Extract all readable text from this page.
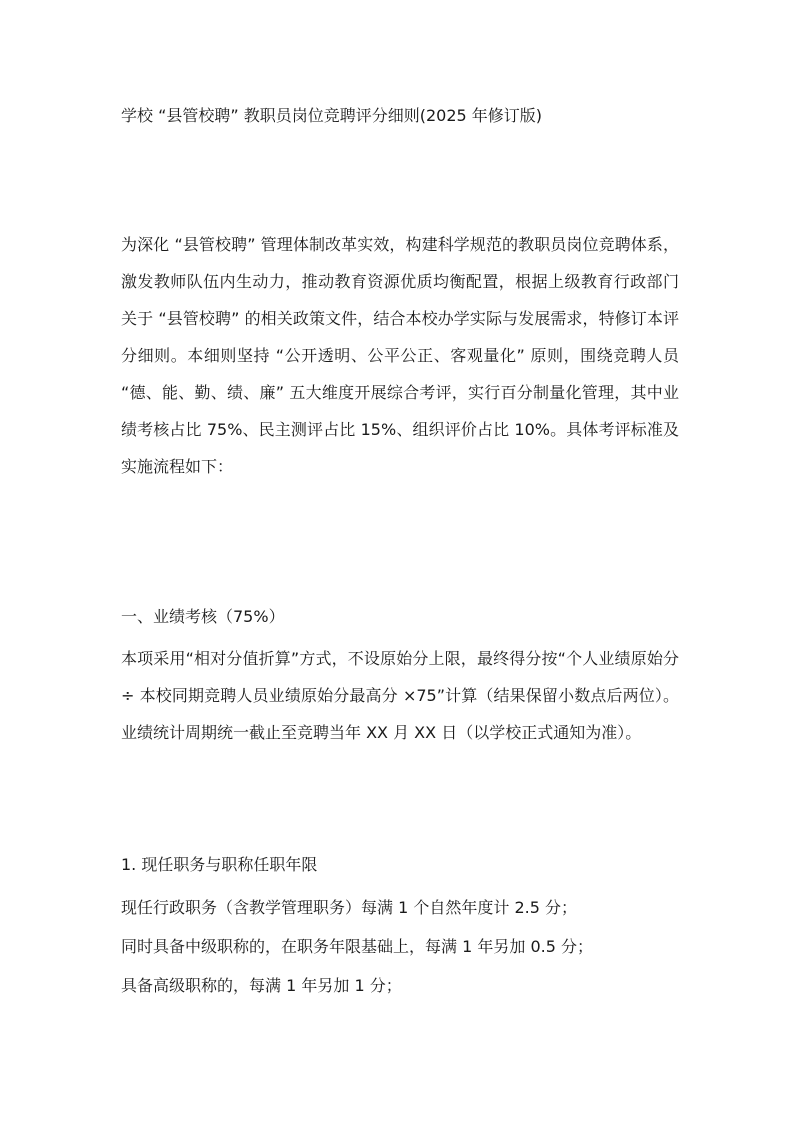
学校 “县管校聘” 教职员岗位竞聘评分细则(2025 年修订版)

为深化 “县管校聘” 管理体制改革实效，构建科学规范的教职员岗位竞聘体系，激发教师队伍内生动力，推动教育资源优质均衡配置，根据上级教育行政部门关于 “县管校聘” 的相关政策文件，结合本校办学实际与发展需求，特修订本评分细则。本细则坚持 “公开透明、公平公正、客观量化” 原则，围绕竞聘人员 “德、能、勤、绩、廉” 五大维度开展综合考评，实行百分制量化管理，其中业绩考核占比 75%、民主测评占比 15%、组织评价占比 10%。具体考评标准及实施流程如下：

一、业绩考核（75%）

本项采用“相对分值折算”方式，不设原始分上限，最终得分按“个人业绩原始分 ÷ 本校同期竞聘人员业绩原始分最高分 ×75”计算（结果保留小数点后两位）。业绩统计周期统一截止至竞聘当年 XX 月 XX 日（以学校正式通知为准）。

1. 现任职务与职称任职年限
现任行政职务（含教学管理职务）每满 1 个自然年度计 2.5 分；
同时具备中级职称的，在职务年限基础上，每满 1 年另加 0.5 分；
具备高级职称的，每满 1 年另加 1 分；
